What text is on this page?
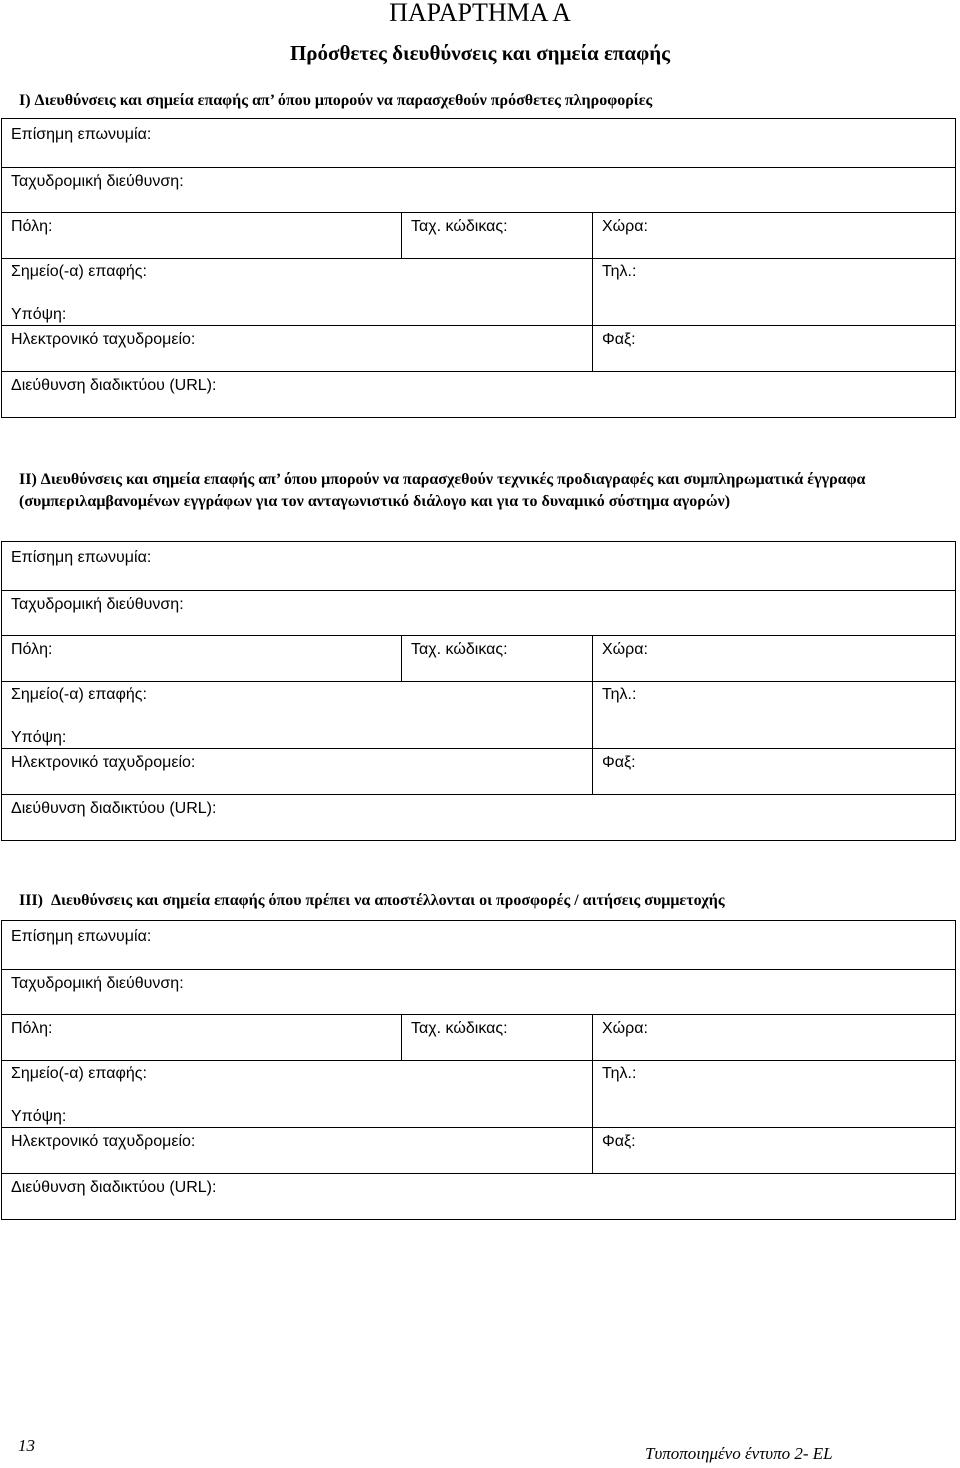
ΠΑΡΑΡΤΗΜΑ Α
Πρόσθετες διευθύνσεις και σημεία επαφής
I) Διευθύνσεις και σημεία επαφής απ’ όπου μπορούν να παρασχεθούν πρόσθετες πληροφορίες
Επίσημη επωνυμία:
Ταχυδρομική διεύθυνση:
Πόλη:	Ταχ. κώδικας:	Χώρα:
Σημείο(-α) επαφής:	Τηλ.:
Υπόψη:
Ηλεκτρονικό ταχυδρομείο:	Φαξ:
Διεύθυνση διαδικτύου (URL):
II) Διευθύνσεις και σημεία επαφής απ’ όπου μπορούν να παρασχεθούν τεχνικές προδιαγραφές και συμπληρωματικά έγγραφα (συμπεριλαμβανομένων εγγράφων για τον ανταγωνιστικό διάλογο και για το δυναμικό σύστημα αγορών)
Επίσημη επωνυμία:
Ταχυδρομική διεύθυνση:
Πόλη:	Ταχ. κώδικας:	Χώρα:
Σημείο(-α) επαφής:	Τηλ.:
Υπόψη:
Ηλεκτρονικό ταχυδρομείο:	Φαξ:
Διεύθυνση διαδικτύου (URL):
III)  Διευθύνσεις και σημεία επαφής όπου πρέπει να αποστέλλονται οι προσφορές / αιτήσεις συμμετοχής
Επίσημη επωνυμία:
Ταχυδρομική διεύθυνση:
Πόλη:	Ταχ. κώδικας:	Χώρα:
Σημείο(-α) επαφής:	Τηλ.:
Υπόψη:
Ηλεκτρονικό ταχυδρομείο:	Φαξ:
Διεύθυνση διαδικτύου (URL):
13	Τυποποιημένο έντυπο 2- EL
